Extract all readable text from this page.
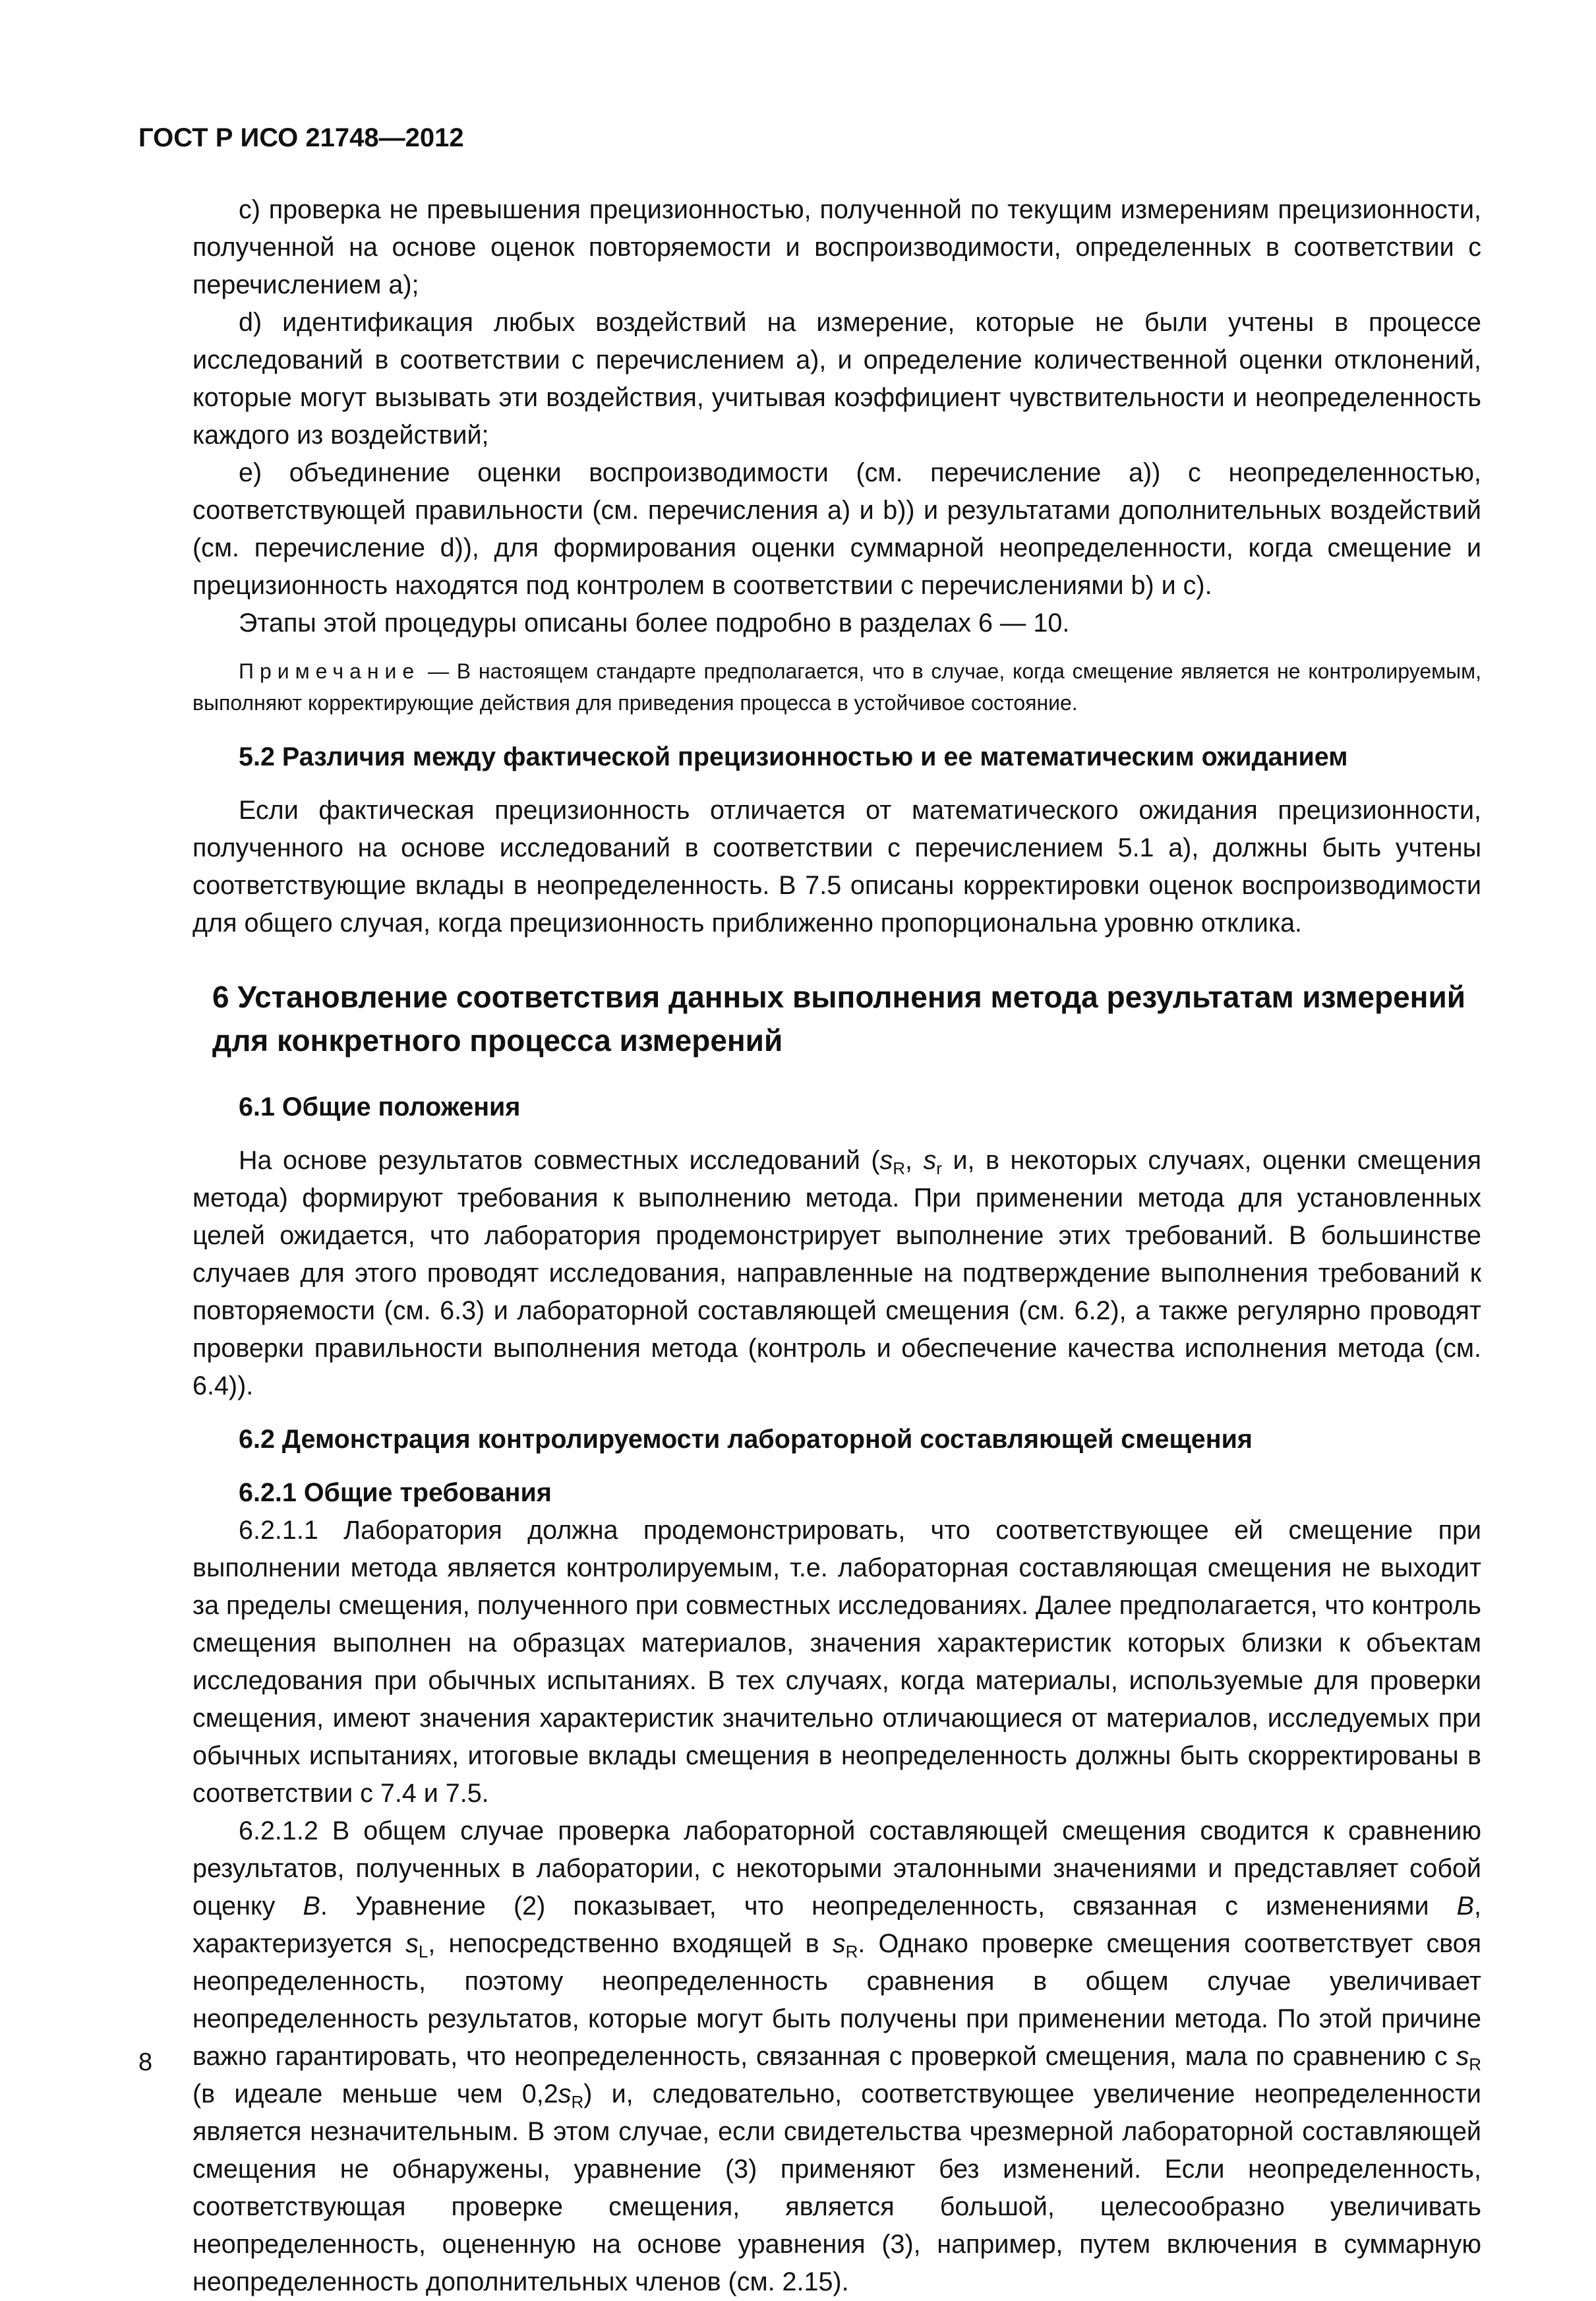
ГОСТ Р ИСО 21748—2012

c) проверка не превышения прецизионностью, полученной по текущим измерениям прецизионности, полученной на основе оценок повторяемости и воспроизводимости, определенных в соответствии с перечислением а);

d) идентификация любых воздействий на измерение, которые не были учтены в процессе исследований в соответствии с перечислением а), и определение количественной оценки отклонений, которые могут вызывать эти воздействия, учитывая коэффициент чувствительности и неопределенность каждого из воздействий;

e) объединение оценки воспроизводимости (см. перечисление а)) с неопределенностью, соответствующей правильности (см. перечисления а) и b)) и результатами дополнительных воздействий (см. перечисление d)), для формирования оценки суммарной неопределенности, когда смещение и прецизионность находятся под контролем в соответствии с перечислениями b) и c).

Этапы этой процедуры описаны более подробно в разделах 6 — 10.

Примечание — В настоящем стандарте предполагается, что в случае, когда смещение является не контролируемым, выполняют корректирующие действия для приведения процесса в устойчивое состояние.

5.2 Различия между фактической прецизионностью и ее математическим ожиданием

Если фактическая прецизионность отличается от математического ожидания прецизионности, полученного на основе исследований в соответствии с перечислением 5.1 а), должны быть учтены соответствующие вклады в неопределенность. В 7.5 описаны корректировки оценок воспроизводимости для общего случая, когда прецизионность приближенно пропорциональна уровню отклика.

6 Установление соответствия данных выполнения метода результатам измерений для конкретного процесса измерений
6.1 Общие положения

На основе результатов совместных исследований ($s_R$, $s_r$ и, в некоторых случаях, оценки смещения метода) формируют требования к выполнению метода. При применении метода для установленных целей ожидается, что лаборатория продемонстрирует выполнение этих требований. В большинстве случаев для этого проводят исследования, направленные на подтверждение выполнения требований к повторяемости (см. 6.3) и лабораторной составляющей смещения (см. 6.2), а также регулярно проводят проверки правильности выполнения метода (контроль и обеспечение качества исполнения метода (см. 6.4)).

6.2 Демонстрация контролируемости лабораторной составляющей смещения
6.2.1 Общие требования

6.2.1.1 Лаборатория должна продемонстрировать, что соответствующее ей смещение при выполнении метода является контролируемым, т.е. лабораторная составляющая смещения не выходит за пределы смещения, полученного при совместных исследованиях. Далее предполагается, что контроль смещения выполнен на образцах материалов, значения характеристик которых близки к объектам исследования при обычных испытаниях. В тех случаях, когда материалы, используемые для проверки смещения, имеют значения характеристик значительно отличающиеся от материалов, исследуемых при обычных испытаниях, итоговые вклады смещения в неопределенность должны быть скорректированы в соответствии с 7.4 и 7.5.

6.2.1.2 В общем случае проверка лабораторной составляющей смещения сводится к сравнению результатов, полученных в лаборатории, с некоторыми эталонными значениями и представляет собой оценку B. Уравнение (2) показывает, что неопределенность, связанная с изменениями B, характеризуется $s_L$, непосредственно входящей в $s_R$. Однако проверке смещения соответствует своя неопределенность, поэтому неопределенность сравнения в общем случае увеличивает неопределенность результатов, которые могут быть получены при применении метода. По этой причине важно гарантировать, что неопределенность, связанная с проверкой смещения, мала по сравнению с $s_R$ (в идеале меньше чем $0,2s_R$) и, следовательно, соответствующее увеличение неопределенности является незначительным. В этом случае, если свидетельства чрезмерной лабораторной составляющей смещения не обнаружены, уравнение (3) применяют без изменений. Если неопределенность, соответствующая проверке смещения, является большой, целесообразно увеличивать неопределенность, оцененную на основе уравнения (3), например, путем включения в суммарную неопределенность дополнительных членов (см. 2.15).

8
